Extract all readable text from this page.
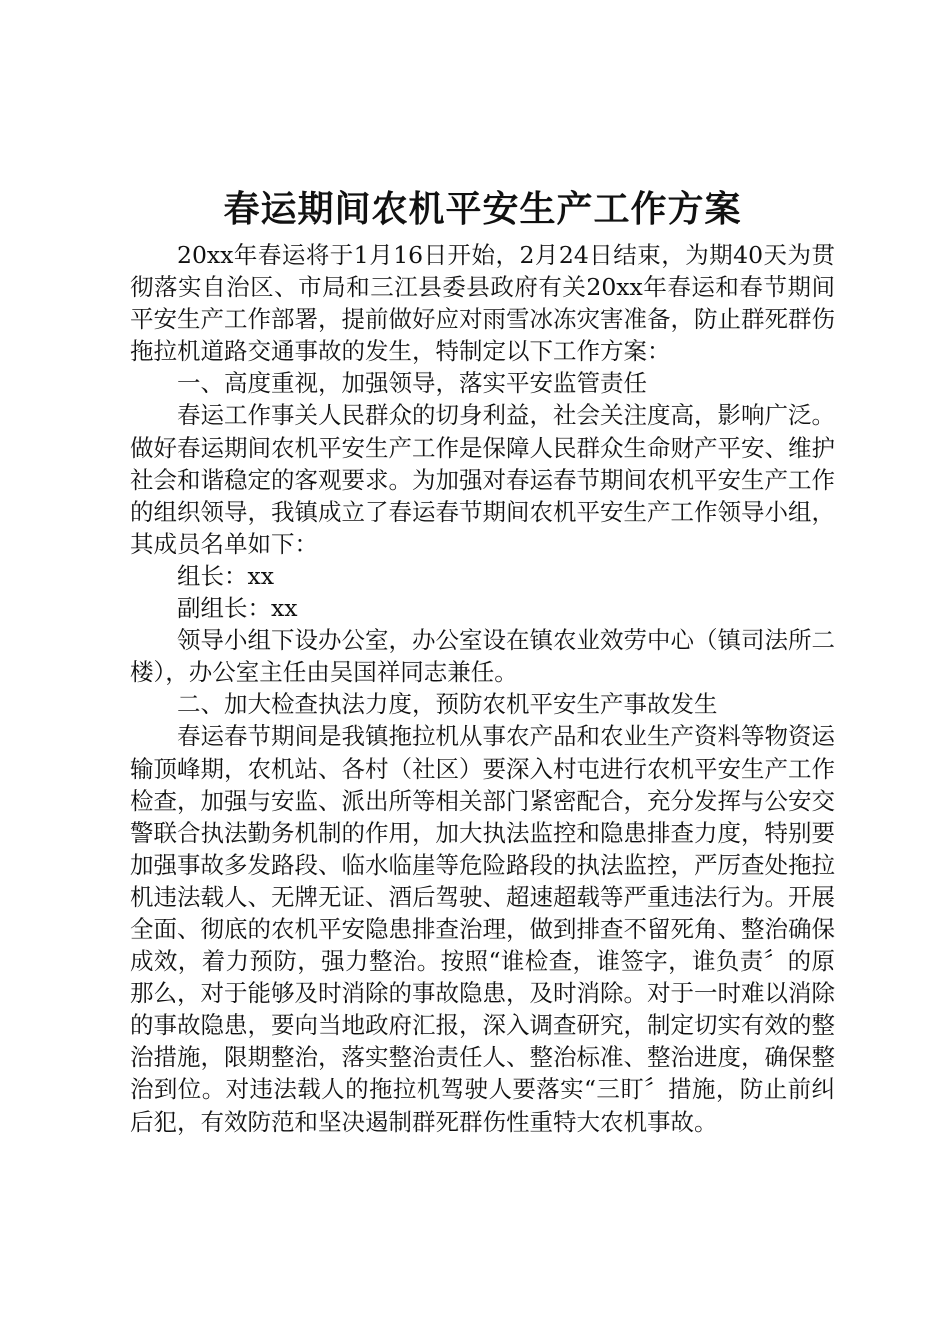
春运期间农机平安生产工作方案

20xx年春运将于1月16日开始，2月24日结束，为期40天为贯彻落实自治区、市局和三江县委县政府有关20xx年春运和春节期间平安生产工作部署，提前做好应对雨雪冰冻灾害准备，防止群死群伤拖拉机道路交通事故的发生，特制定以下工作方案：

一、高度重视，加强领导，落实平安监管责任

春运工作事关人民群众的切身利益，社会关注度高，影响广泛。做好春运期间农机平安生产工作是保障人民群众生命财产平安、维护社会和谐稳定的客观要求。为加强对春运春节期间农机平安生产工作的组织领导，我镇成立了春运春节期间农机平安生产工作领导小组，其成员名单如下：

组长：xx

副组长：xx

领导小组下设办公室，办公室设在镇农业效劳中心（镇司法所二楼），办公室主任由吴国祥同志兼任。

二、加大检查执法力度，预防农机平安生产事故发生

春运春节期间是我镇拖拉机从事农产品和农业生产资料等物资运输顶峰期，农机站、各村（社区）要深入村屯进行农机平安生产工作检查，加强与安监、派出所等相关部门紧密配合，充分发挥与公安交警联合执法勤务机制的作用，加大执法监控和隐患排查力度，特别要加强事故多发路段、临水临崖等危险路段的执法监控，严厉查处拖拉机违法载人、无牌无证、酒后驾驶、超速超载等严重违法行为。开展全面、彻底的农机平安隐患排查治理，做到排查不留死角、整治确保成效，着力预防，强力整治。按照“谁检查，谁签字，谁负责〞的原那么，对于能够及时消除的事故隐患，及时消除。对于一时难以消除的事故隐患，要向当地政府汇报，深入调查研究，制定切实有效的整治措施，限期整治，落实整治责任人、整治标准、整治进度，确保整治到位。对违法载人的拖拉机驾驶人要落实“三盯〞措施，防止前纠后犯，有效防范和坚决遏制群死群伤性重特大农机事故。
